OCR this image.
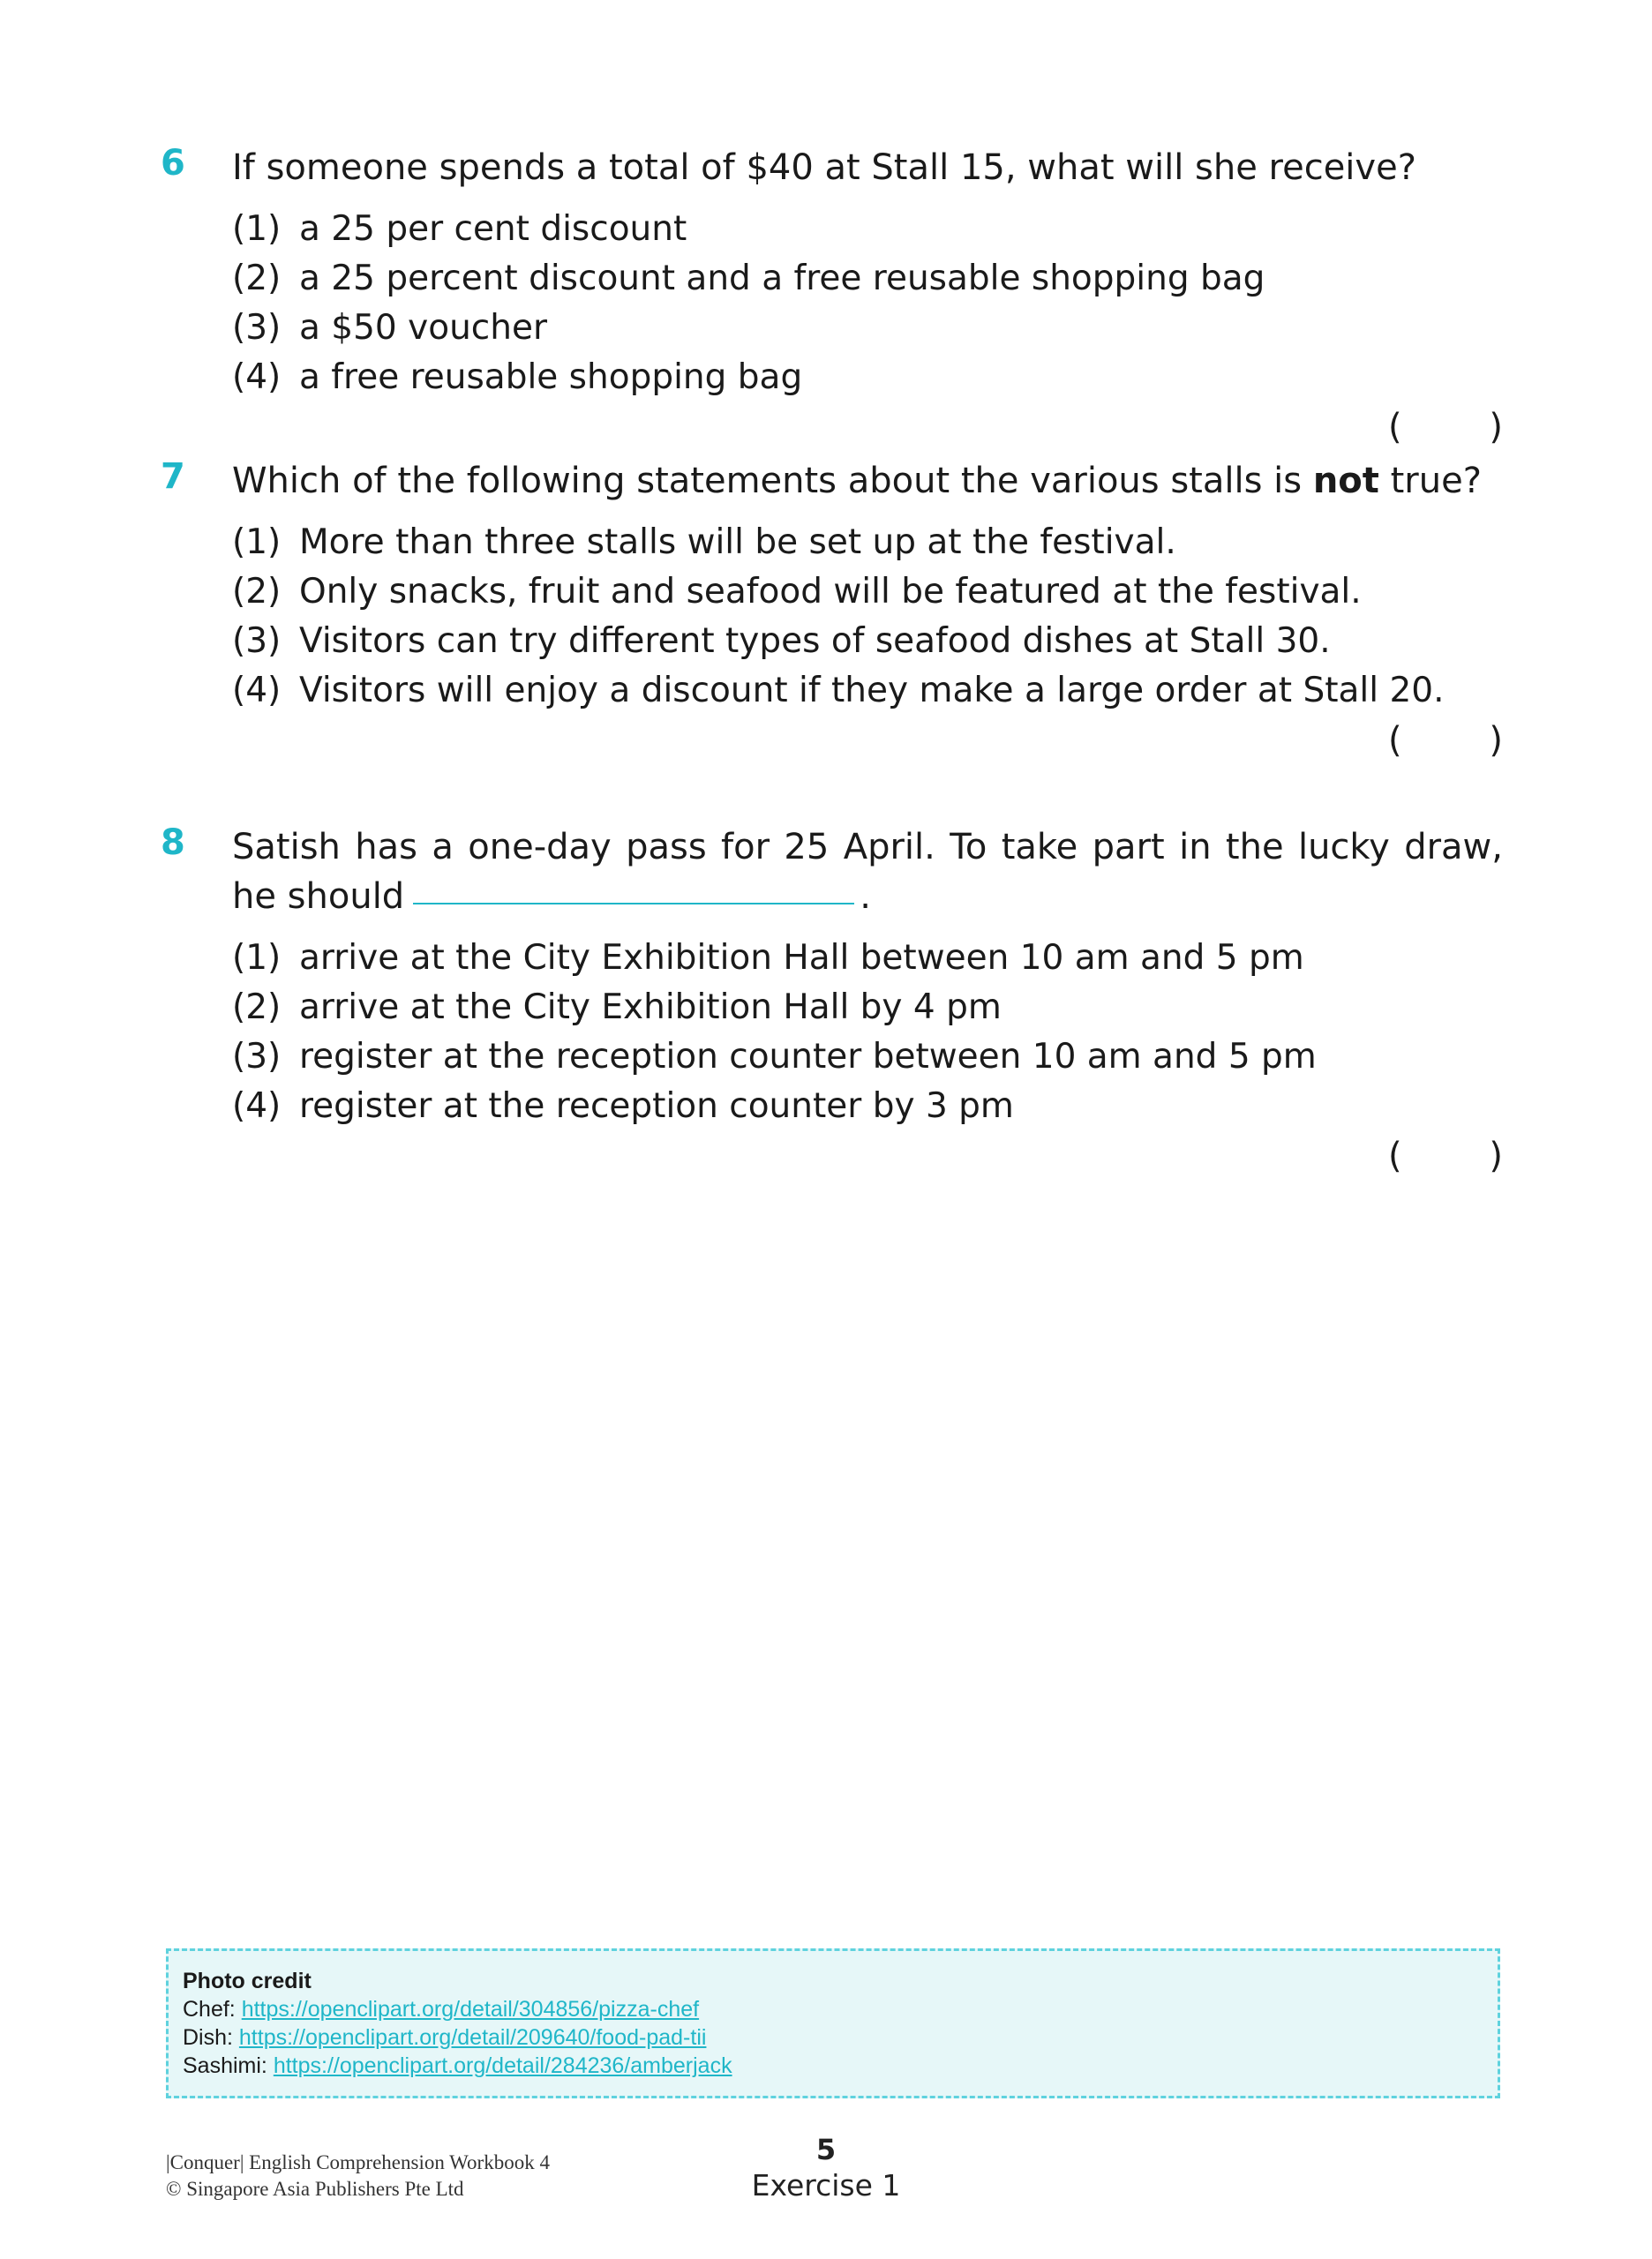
6 If someone spends a total of $40 at Stall 15, what will she receive?
(1) a 25 per cent discount
(2) a 25 percent discount and a free reusable shopping bag
(3) a $50 voucher
(4) a free reusable shopping bag
( )
7 Which of the following statements about the various stalls is not true?
(1) More than three stalls will be set up at the festival.
(2) Only snacks, fruit and seafood will be featured at the festival.
(3) Visitors can try different types of seafood dishes at Stall 30.
(4) Visitors will enjoy a discount if they make a large order at Stall 20.
( )
8 Satish has a one-day pass for 25 April. To take part in the lucky draw, he should	.
(1) arrive at the City Exhibition Hall between 10 am and 5 pm
(2) arrive at the City Exhibition Hall by 4 pm
(3) register at the reception counter between 10 am and 5 pm
(4) register at the reception counter by 3 pm
( )
Photo credit
Chef: https://openclipart.org/detail/304856/pizza-chef
Dish: https://openclipart.org/detail/209640/food-pad-tii
Sashimi: https://openclipart.org/detail/284236/amberjack
|Conquer| English Comprehension Workbook 4
© Singapore Asia Publishers Pte Ltd
5
Exercise 1
